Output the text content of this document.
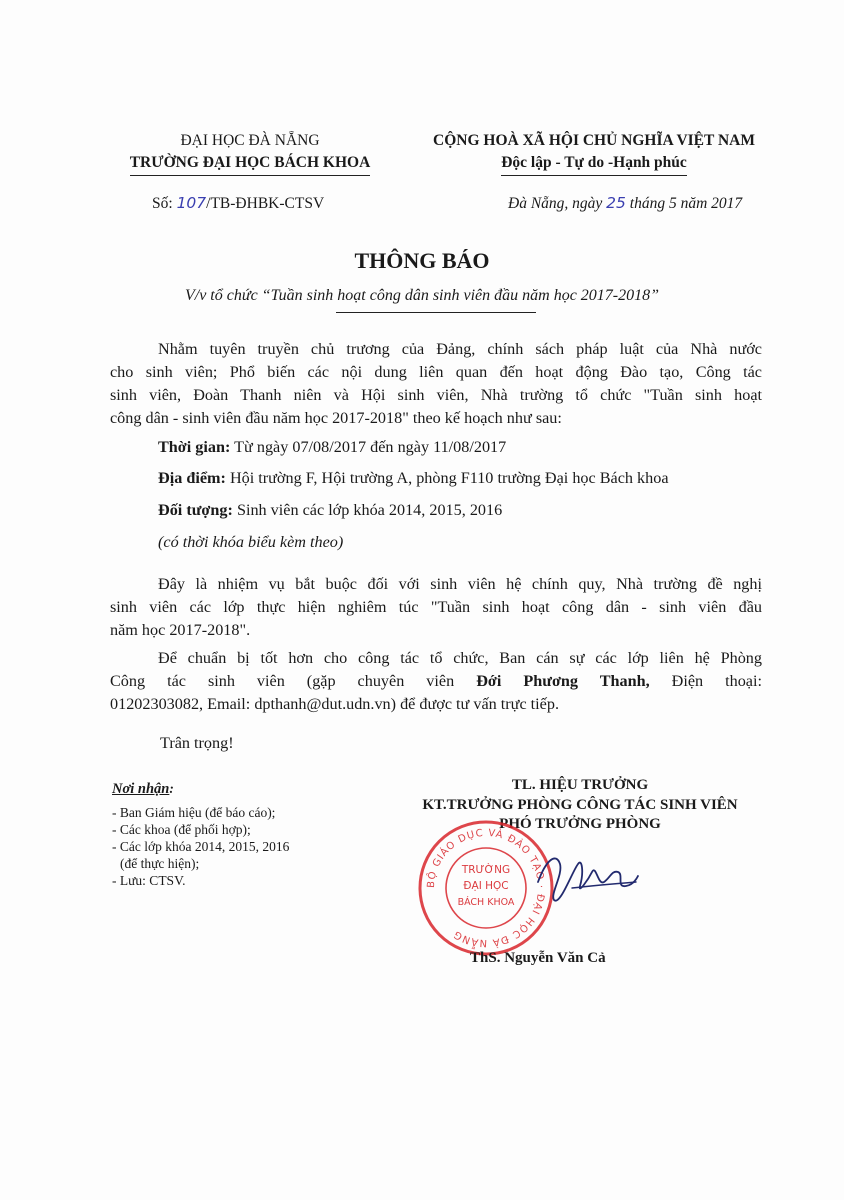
ĐẠI HỌC ĐÀ NẴNG
TRƯỜNG ĐẠI HỌC BÁCH KHOA
CỘNG HOÀ XÃ HỘI CHỦ NGHĨA VIỆT NAM
Độc lập - Tự do -Hạnh phúc
Số: 107/TB-ĐHBK-CTSV	Đà Nẵng, ngày 25 tháng 5 năm 2017
THÔNG BÁO
V/v tổ chức “Tuần sinh hoạt công dân sinh viên đầu năm học 2017-2018”
Nhằm tuyên truyền chủ trương của Đảng, chính sách pháp luật của Nhà nước
cho sinh viên; Phổ biến các nội dung liên quan đến hoạt động Đào tạo, Công tác
sinh viên, Đoàn Thanh niên và Hội sinh viên, Nhà trường tổ chức "Tuần sinh hoạt
công dân - sinh viên đầu năm học 2017-2018" theo kế hoạch như sau:
Thời gian: Từ ngày 07/08/2017 đến ngày 11/08/2017
Địa điểm: Hội trường F, Hội trường A, phòng F110 trường Đại học Bách khoa
Đối tượng: Sinh viên các lớp khóa 2014, 2015, 2016
(có thời khóa biểu kèm theo)
Đây là nhiệm vụ bắt buộc đối với sinh viên hệ chính quy, Nhà trường đề nghị
sinh viên các lớp thực hiện nghiêm túc "Tuần sinh hoạt công dân - sinh viên đầu
năm học 2017-2018".
Để chuẩn bị tốt hơn cho công tác tổ chức, Ban cán sự các lớp liên hệ Phòng
Công tác sinh viên (gặp chuyên viên Đới Phương Thanh, Điện thoại:
01202303082, Email: dpthanh@dut.udn.vn) để được tư vấn trực tiếp.
Trân trọng!
Nơi nhận:
- Ban Giám hiệu (để báo cáo);
- Các khoa (để phối hợp);
- Các lớp khóa 2014, 2015, 2016
(để thực hiện);
- Lưu: CTSV.
TL. HIỆU TRƯỞNG
KT.TRƯỞNG PHÒNG CÔNG TÁC SINH VIÊN
PHÓ TRƯỞNG PHÒNG
BỘ GIÁO DỤC VÀ ĐÀO TẠO · ĐẠI HỌC ĐÀ NẴNG
TRƯỜNG
ĐẠI HỌC
BÁCH KHOA
ThS. Nguyễn Văn Cả
